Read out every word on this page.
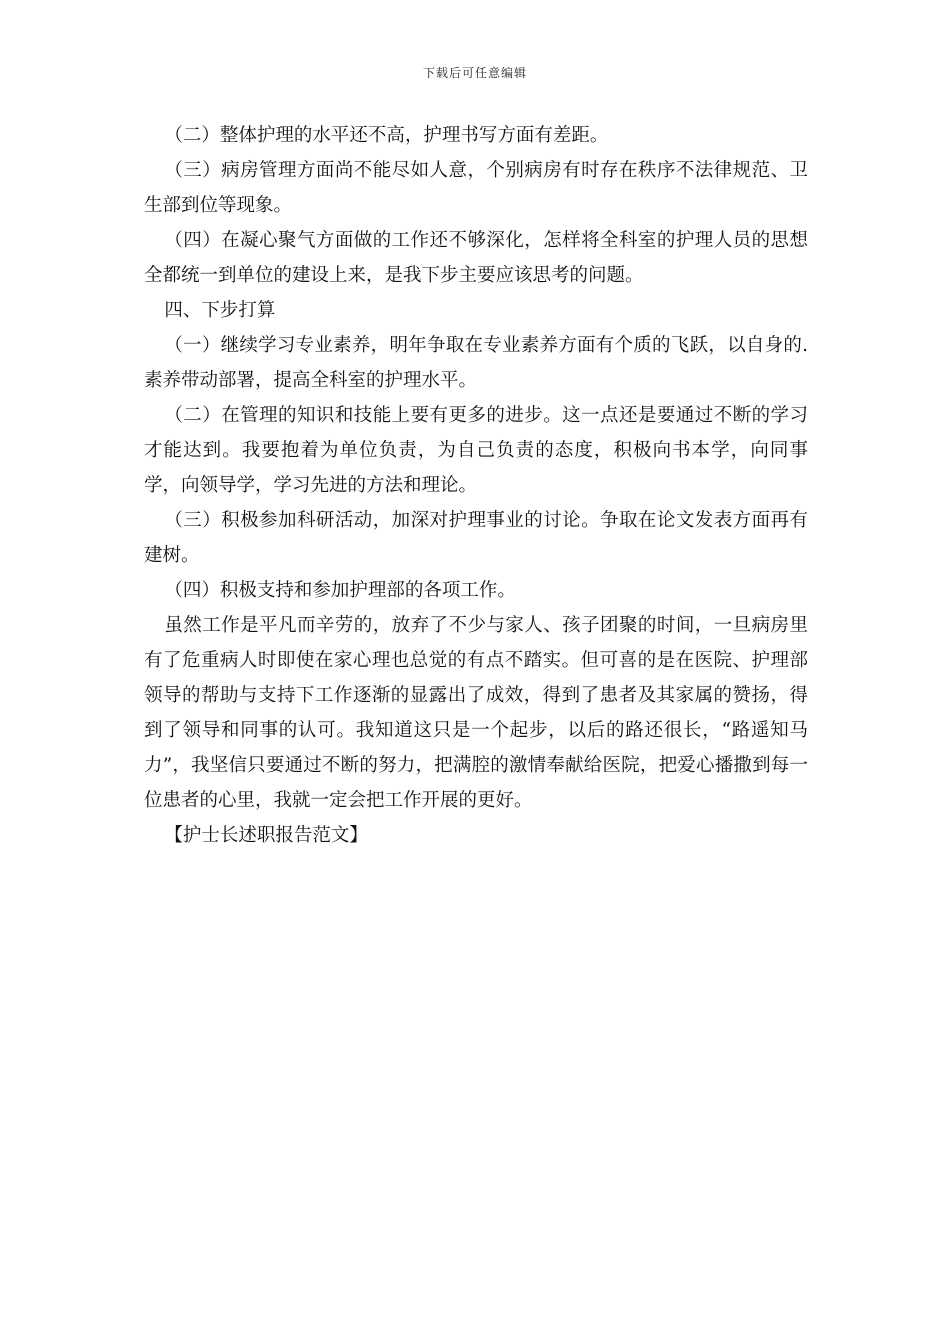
下载后可任意编辑

（二）整体护理的水平还不高，护理书写方面有差距。

（三）病房管理方面尚不能尽如人意，个别病房有时存在秩序不法律规范、卫生部到位等现象。

（四）在凝心聚气方面做的工作还不够深化，怎样将全科室的护理人员的思想全都统一到单位的建设上来，是我下步主要应该思考的问题。

四、下步打算

（一）继续学习专业素养，明年争取在专业素养方面有个质的飞跃，以自身的.素养带动部署，提高全科室的护理水平。

（二）在管理的知识和技能上要有更多的进步。这一点还是要通过不断的学习才能达到。我要抱着为单位负责，为自己负责的态度，积极向书本学，向同事学，向领导学，学习先进的方法和理论。

（三）积极参加科研活动，加深对护理事业的讨论。争取在论文发表方面再有建树。

（四）积极支持和参加护理部的各项工作。

虽然工作是平凡而辛劳的，放弃了不少与家人、孩子团聚的时间，一旦病房里有了危重病人时即使在家心理也总觉的有点不踏实。但可喜的是在医院、护理部领导的帮助与支持下工作逐渐的显露出了成效，得到了患者及其家属的赞扬，得到了领导和同事的认可。我知道这只是一个起步，以后的路还很长，“路遥知马力”，我坚信只要通过不断的努力，把满腔的激情奉献给医院，把爱心播撒到每一位患者的心里，我就一定会把工作开展的更好。

【护士长述职报告范文】
